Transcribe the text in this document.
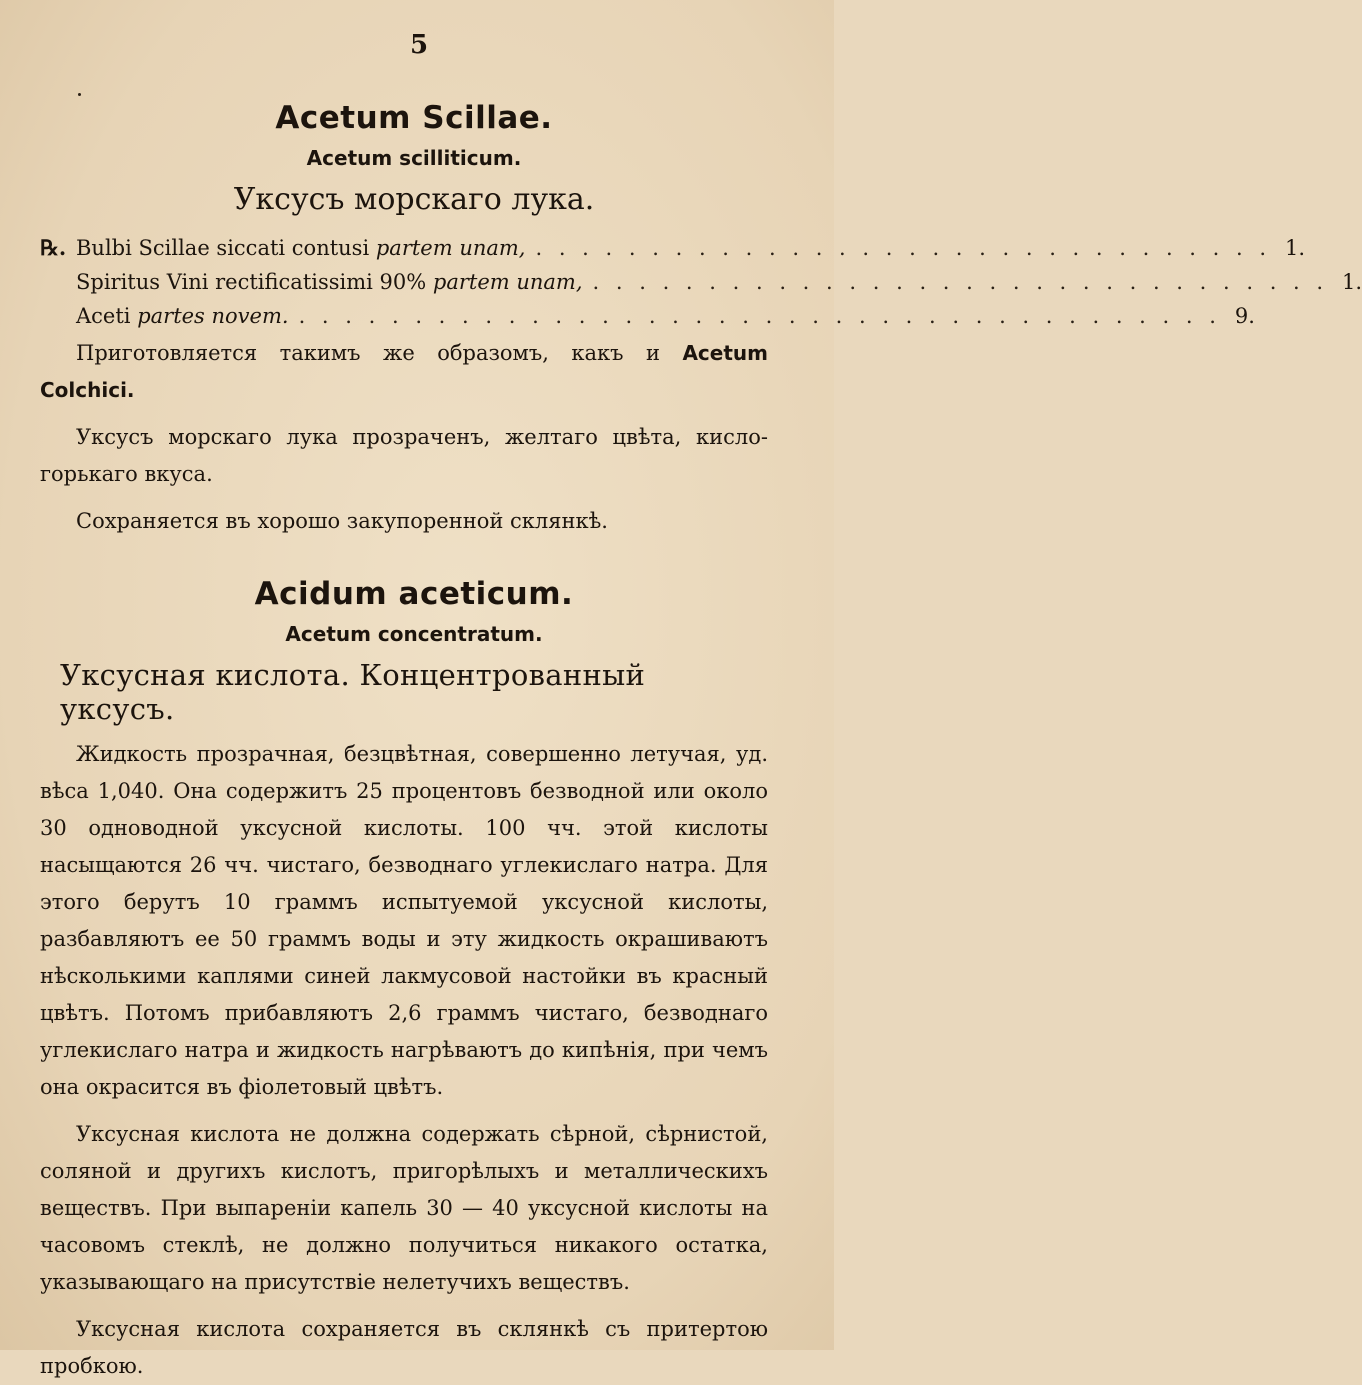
5
Acetum Scillae.
Acetum scilliticum.
Уксусъ морскаго лука.
℞. Bulbi Scillae siccati contusi partem unam, . . . . . . . . . . . . . . . . . . . . . . . . . . . . . . . . 1.
Spiritus Vini rectificatissimi 90% partem unam, . . . . . . . . . . . . . . . . . . . . . . . . . . . . . . . . 1.
Aceti partes novem. . . . . . . . . . . . . . . . . . . . . . . . . . . . . . . . . . . . . . . . . 9.

Приготовляется такимъ же образомъ, какъ и Acetum Colchici.

Уксусъ морскаго лука прозраченъ, желтаго цвѣта, кисло-горькаго вкуса.

Сохраняется въ хорошо закупоренной склянкѣ.

Acidum aceticum.
Acetum concentratum.
Уксусная кислота. Концентрованный уксусъ.

Жидкость прозрачная, безцвѣтная, совершенно летучая, уд. вѣса 1,040. Она содержитъ 25 процентовъ безводной или около 30 одноводной уксусной кислоты. 100 чч. этой кислоты насыщаются 26 чч. чистаго, безводнаго углекислаго натра. Для этого берутъ 10 граммъ испытуемой уксусной кислоты, разбавляютъ ее 50 граммъ воды и эту жидкость окрашиваютъ нѣсколькими каплями синей лакмусовой настойки въ красный цвѣтъ. Потомъ прибавляютъ 2,6 граммъ чистаго, безводнаго углекислаго натра и жидкость нагрѣваютъ до кипѣнія, при чемъ она окрасится въ фіолетовый цвѣтъ.

Уксусная кислота не должна содержать сѣрной, сѣрнистой, соляной и другихъ кислотъ, пригорѣлыхъ и металлическихъ веществъ. При выпареніи капель 30 — 40 уксусной кислоты на часовомъ стеклѣ, не должно получиться никакого остатка, указывающаго на присутствіе нелетучихъ веществъ.

Уксусная кислота сохраняется въ склянкѣ съ притертою пробкою.
